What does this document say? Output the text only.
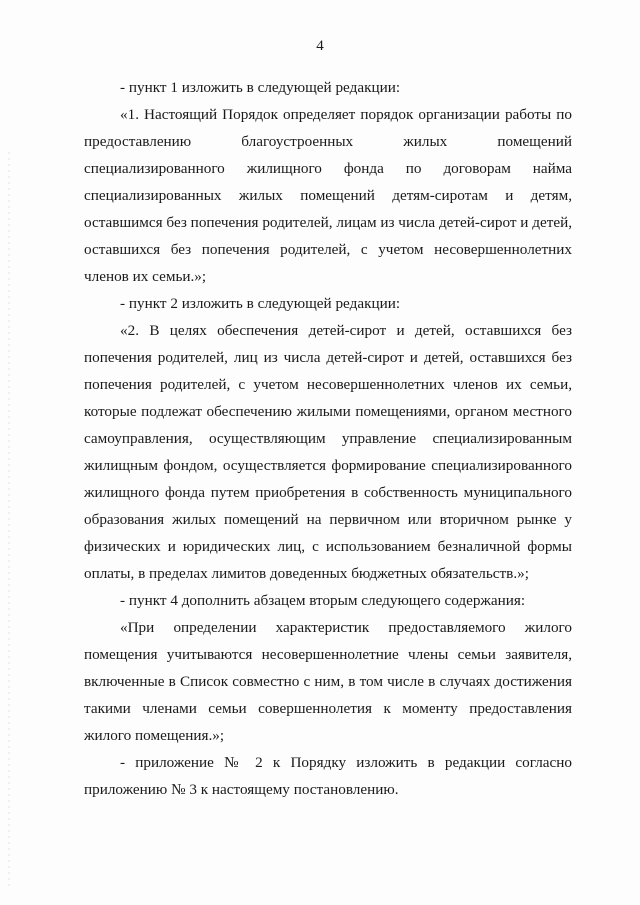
4

- пункт 1 изложить в следующей редакции:

«1. Настоящий Порядок определяет порядок организации работы по предоставлению благоустроенных жилых помещений специализированного жилищного фонда по договорам найма специализированных жилых помещений детям-сиротам и детям, оставшимся без попечения родителей, лицам из числа детей-сирот и детей, оставшихся без попечения родителей, с учетом несовершеннолетних членов их семьи.»;

- пункт 2 изложить в следующей редакции:

«2. В целях обеспечения детей-сирот и детей, оставшихся без попечения родителей, лиц из числа детей-сирот и детей, оставшихся без попечения родителей, с учетом несовершеннолетних членов их семьи, которые подлежат обеспечению жилыми помещениями, органом местного самоуправления, осуществляющим управление специализированным жилищным фондом, осуществляется формирование специализированного жилищного фонда путем приобретения в собственность муниципального образования жилых помещений на первичном или вторичном рынке у физических и юридических лиц, с использованием безналичной формы оплаты, в пределах лимитов доведенных бюджетных обязательств.»;

- пункт 4 дополнить абзацем вторым следующего содержания:

«При определении характеристик предоставляемого жилого помещения учитываются несовершеннолетние члены семьи заявителя, включенные в Список совместно с ним, в том числе в случаях достижения такими членами семьи совершеннолетия к моменту предоставления жилого помещения.»;

- приложение № 2 к Порядку изложить в редакции согласно приложению № 3 к настоящему постановлению.
